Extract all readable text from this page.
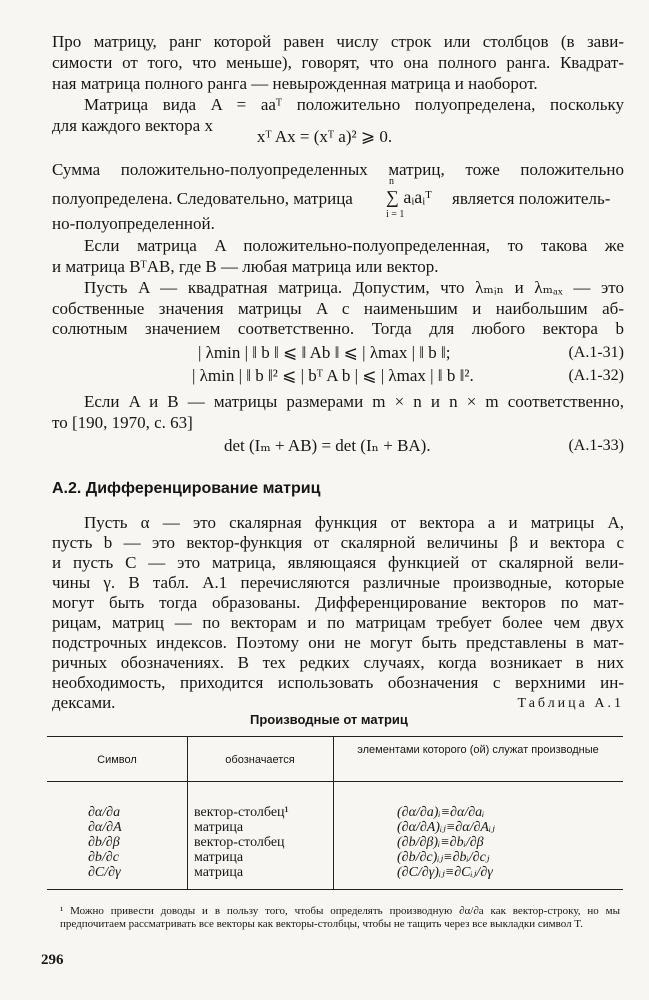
Про матрицу, ранг которой равен числу строк или столбцов (в зави-
симости от того, что меньше), говорят, что она полного ранга. Квадрат-
ная матрица полного ранга — невырожденная матрица и наоборот.
Матрица вида A = aaᵀ положительно полуопределена, поскольку
для каждого вектора x
xᵀ Ax = (xᵀ a)² ⩾ 0.
Сумма положительно-полуопределенных матриц, тоже положительно
полуопределена. Следовательно, матрица
n
∑ aᵢaᵢᵀ
i = 1
является положитель-
но-полуопределенной.
Если матрица A положительно-полуопределенная, то такова же
и матрица BᵀAB, где B — любая матрица или вектор.
Пусть A — квадратная матрица. Допустим, что λₘᵢₙ и λₘₐₓ — это
собственные значения матрицы A с наименьшим и наибольшим аб-
солютным значением соответственно. Тогда для любого вектора b
| λmin | ‖ b ‖ ⩽ ‖ Ab ‖ ⩽ | λmax | ‖ b ‖;	(A.1-31)
| λmin | ‖ b ‖² ⩽ | bᵀ A b | ⩽ | λmax | ‖ b ‖².	(A.1-32)
Если A и B — матрицы размерами m × n и n × m соответственно,
то [190, 1970, с. 63]
det (Iₘ + AB) = det (Iₙ + BA).	(A.1-33)
А.2. Дифференцирование матриц
Пусть α — это скалярная функция от вектора a и матрицы A,
пусть b — это вектор-функция от скалярной величины β и вектора c
и пусть C — это матрица, являющаяся функцией от скалярной вели-
чины γ. В табл. А.1 перечисляются различные производные, которые
могут быть тогда образованы. Дифференцирование векторов по мат-
рицам, матриц — по векторам и по матрицам требует более чем двух
подстрочных индексов. Поэтому они не могут быть представлены в мат-
ричных обозначениях. В тех редких случаях, когда возникает в них
необходимость, приходится использовать обозначения с верхними ин-
дексами.	Таблица А.1
Производные от матриц
Символ	обозначается
элементами которого (ой) служат производные
∂α/∂a	вектор-столбец¹	(∂α/∂a)ᵢ≡∂α/∂aᵢ
∂α/∂A	матрица	(∂α/∂A)ᵢⱼ≡∂α/∂Aᵢⱼ
∂b/∂β	вектор-столбец	(∂b/∂β)ᵢ≡∂bᵢ/∂β
∂b/∂c	матрица	(∂b/∂c)ᵢⱼ≡∂bᵢ/∂cⱼ
∂C/∂γ	матрица	(∂C/∂γ)ᵢⱼ≡∂Cᵢⱼ/∂γ
¹ Можно привести доводы и в пользу того, чтобы определять производную ∂α/∂a как вектор-строку, но мы предпочитаем рассматривать все векторы как векторы-столбцы, чтобы не тащить через все выкладки символ T.
296
